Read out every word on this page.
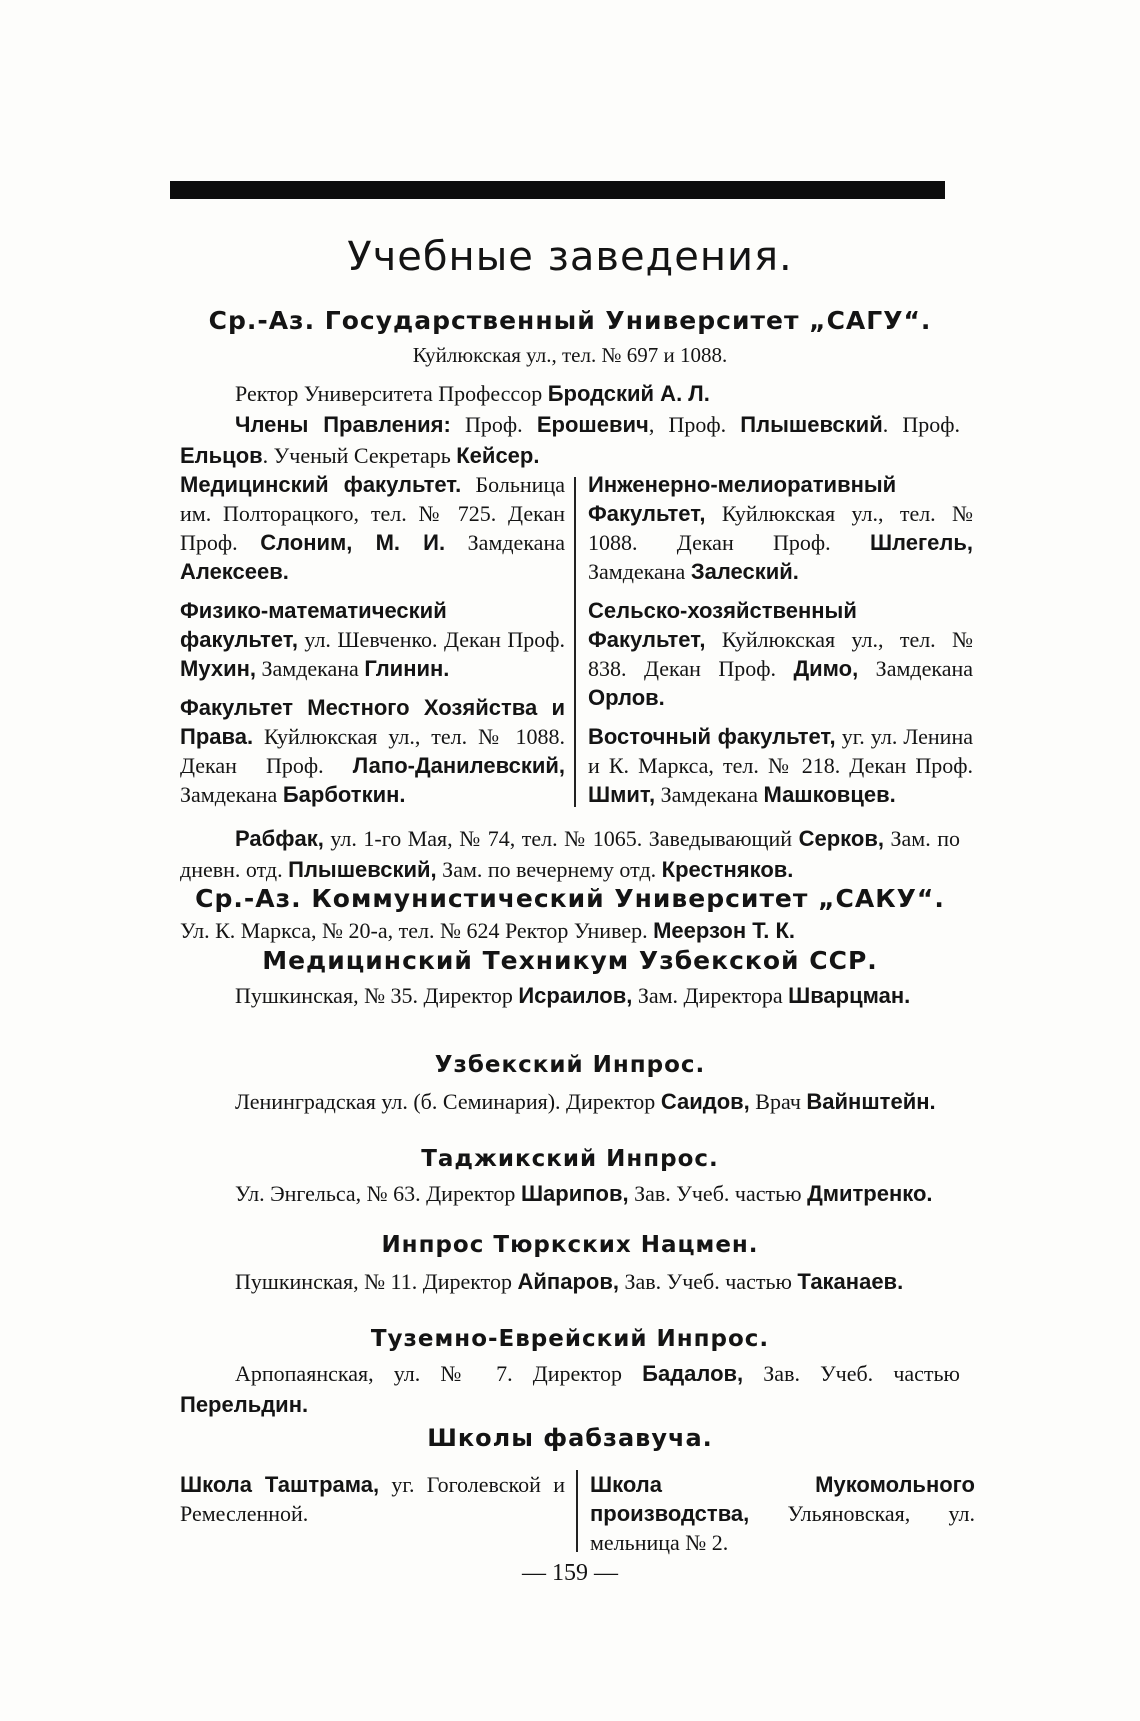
Учебные заведения.
Ср.-Аз. Государственный Университет „САГУ“.

Куйлюкская ул., тел. № 697 и 1088.

Ректор Университета Профессор Бродский А. Л.
Члены Правления: Проф. Ерошевич, Проф. Плышевский. Проф. Ельцов. Ученый Секретарь Кейсер.

Медицинский факультет. Больница им. Полторацкого, тел. № 725. Декан Проф. Слоним, М. И. Замдекана Алексеев.

Физико-математический факультет, ул. Шевченко. Декан Проф. Мухин, Замдекана Глинин.

Факультет Местного Хозяйства и Права. Куйлюкская ул., тел. № 1088. Декан Проф. Лапо-Данилевский, Замдекана Барботкин.

Инженерно-мелиоративный Факультет, Куйлюкская ул., тел. № 1088. Декан Проф. Шлегель, Замдекана Залеский.

Сельско-хозяйственный Факультет, Куйлюкская ул., тел. № 838. Декан Проф. Димо, Замдекана Орлов.

Восточный факультет, уг. ул. Ленина и К. Маркса, тел. № 218. Декан Проф. Шмит, Замдекана Машковцев.

Рабфак, ул. 1-го Мая, № 74, тел. № 1065. Заведывающий Серков, Зам. по дневн. отд. Плышевский, Зам. по вечернему отд. Крестняков.

Ср.-Аз. Коммунистический Университет „САКУ“.

Ул. К. Маркса, № 20-а, тел. № 624 Ректор Универ. Меерзон Т. К.

Медицинский Техникум Узбекской ССР.

Пушкинская, № 35. Директор Исраилов, Зам. Директора Шварцман.

Узбекский Инпрос.

Ленинградская ул. (б. Семинария). Директор Саидов, Врач Вайнштейн.

Таджикский Инпрос.

Ул. Энгельса, № 63. Директор Шарипов, Зав. Учеб. частью Дмитренко.

Инпрос Тюркских Нацмен.

Пушкинская, № 11. Директор Айпаров, Зав. Учеб. частью Таканаев.

Туземно-Еврейский Инпрос.

Арпопаянская, ул. № 7. Директор Бадалов, Зав. Учеб. частью Перельдин.

Школы фабзавуча.
Школа Таштрама, уг. Гоголевской и Ремесленной.
Школа Мукомольного производства, Ульяновская, ул. мельница № 2.
— 159 —
